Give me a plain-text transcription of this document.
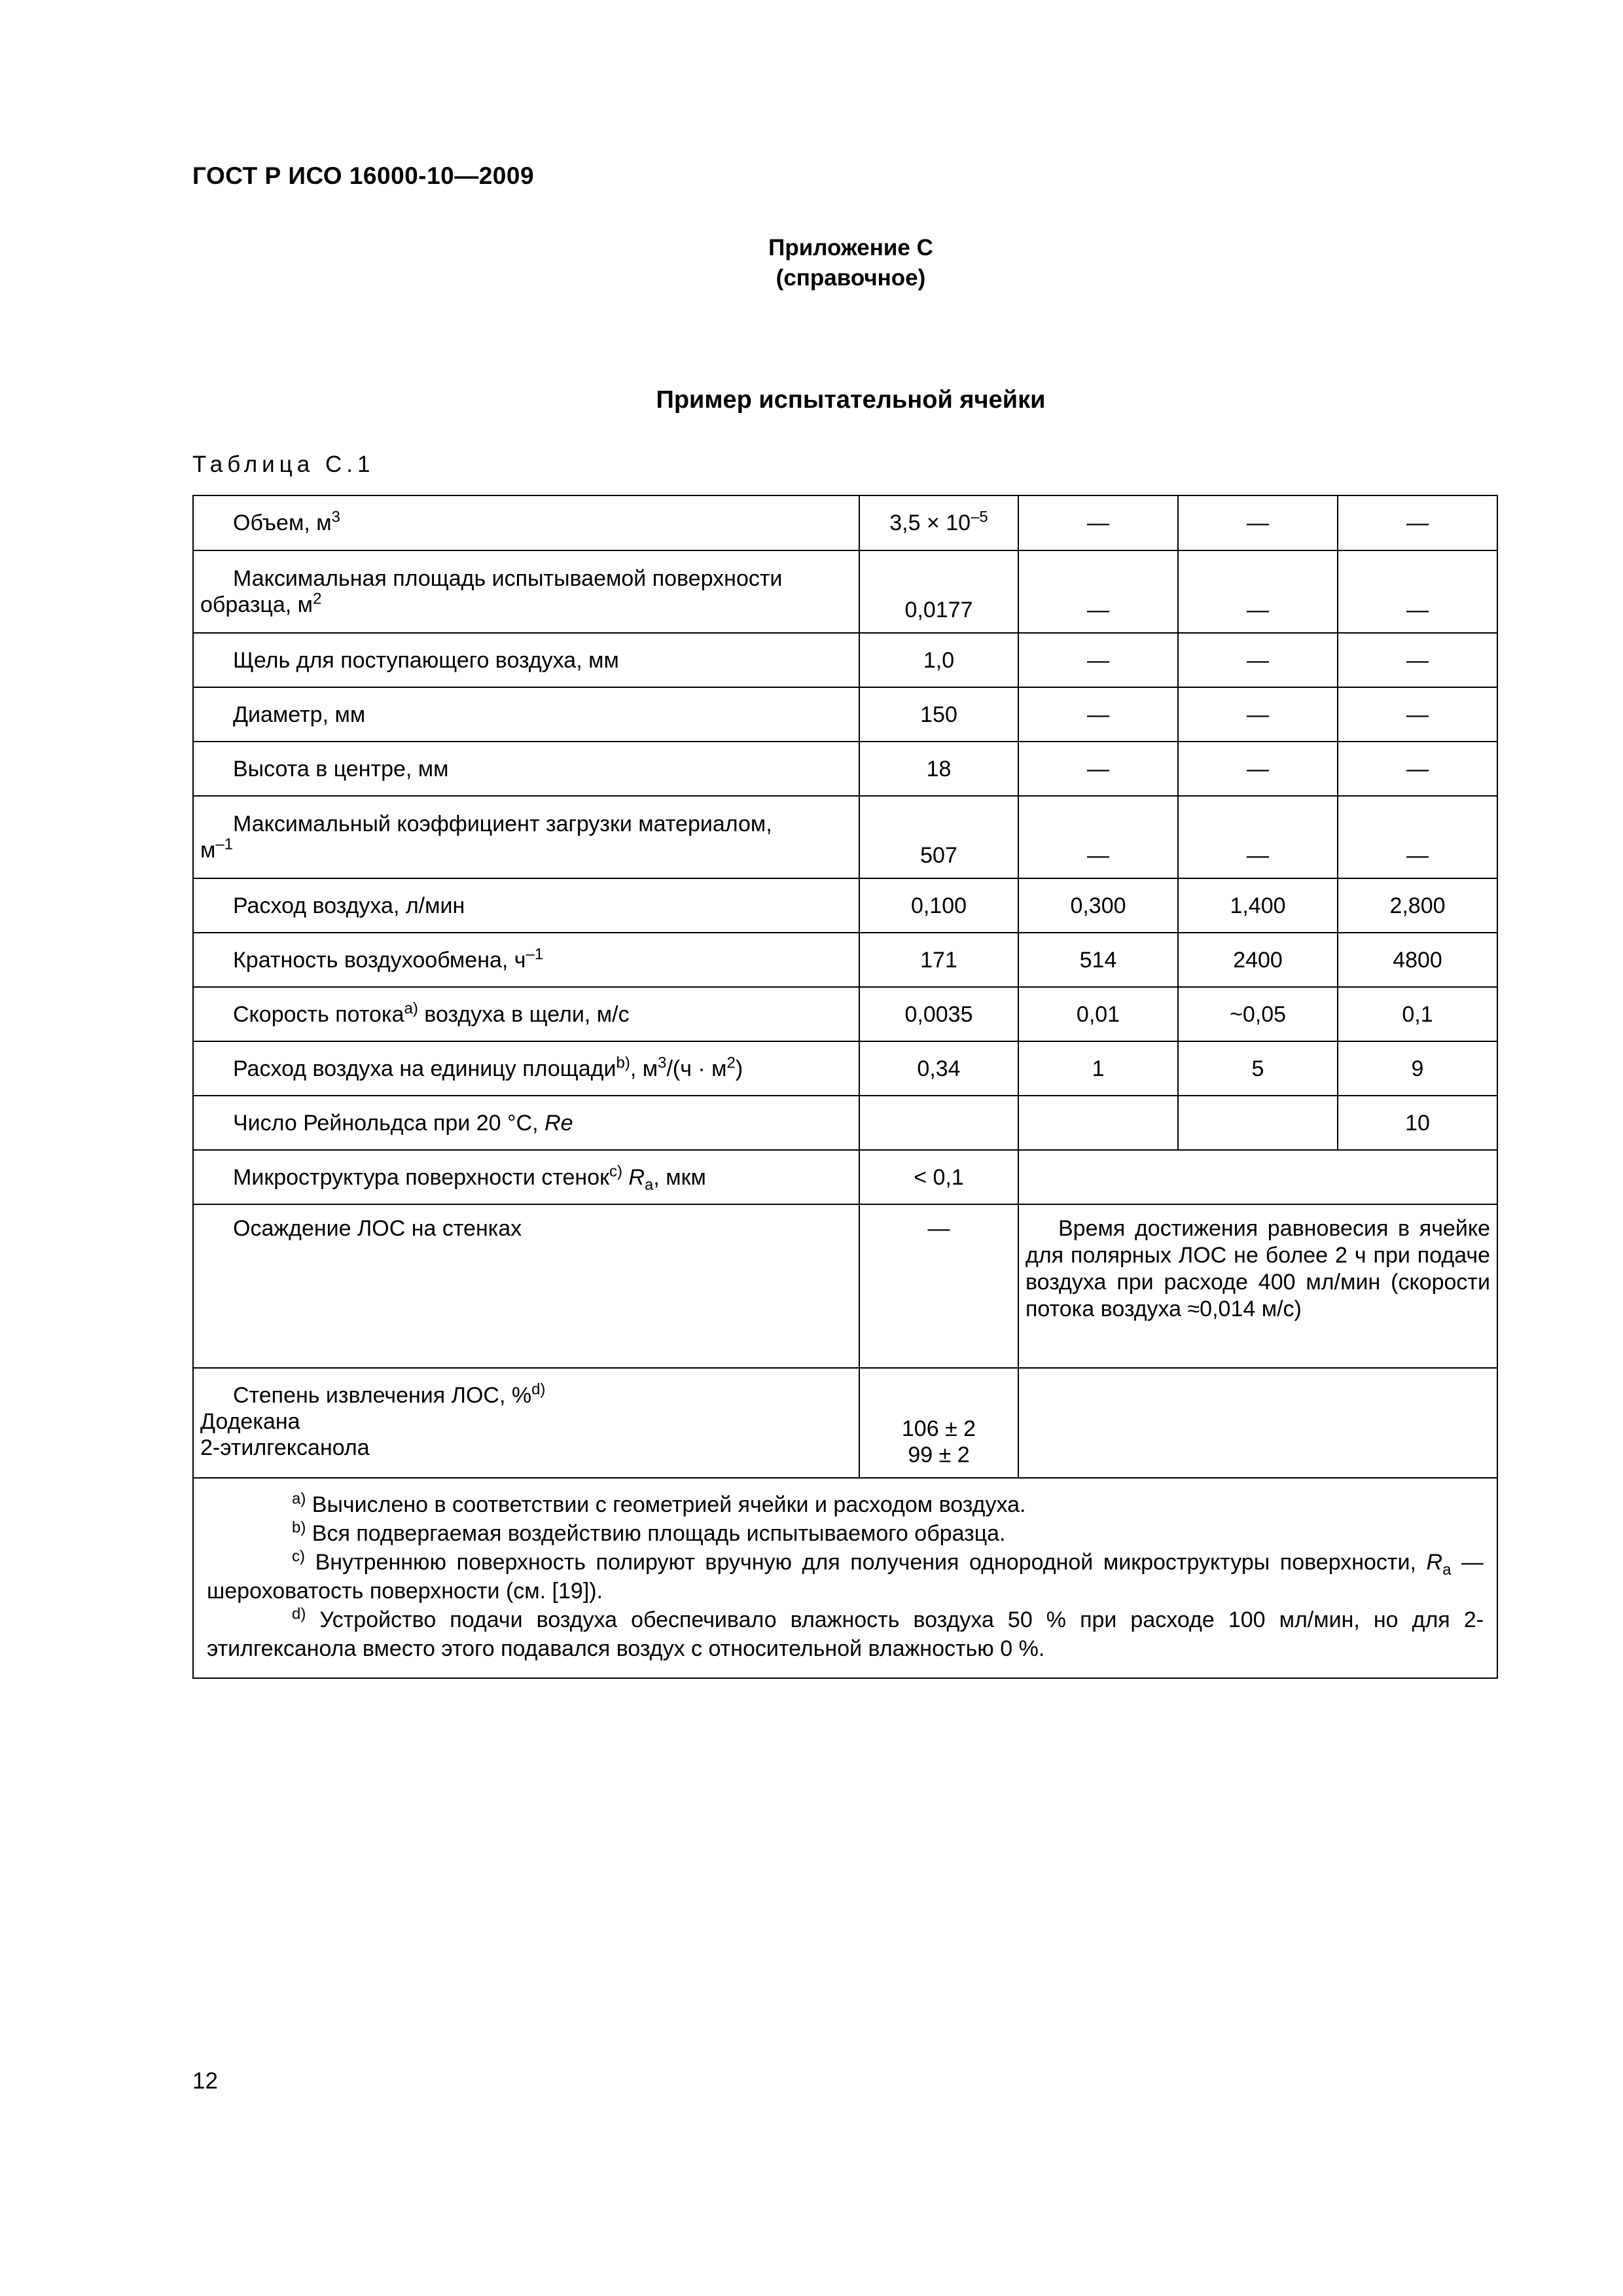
ГОСТ Р ИСО 16000-10—2009
Приложение С
(справочное)
Пример испытательной ячейки
Таблица С.1
Объем, $м^3$	$3,5 \times 10^{-5}$	—	—	—

Максимальная площадь испытываемой поверхности
образца, $м^2$	0,0177	—	—	—

Щель для поступающего воздуха, мм	1,0	—	—	—

Диаметр, мм	150	—	—	—

Высота в центре, мм	18	—	—	—

Максимальный коэффициент загрузки материалом,
$м^{-1}$	507	—	—	—

Расход воздуха, л/мин	0,100	0,300	1,400	2,800

Кратность воздухообмена, $ч^{-1}$	171	514	2400	4800

Скорость потока$^{а)}$ воздуха в щели, м/с	0,0035	0,01	~0,05	0,1

Расход воздуха на единицу площади$^{b)}$, $м^3/(ч \cdot м^2)$	0,34	1	5	9

Число Рейнольдса при 20 °С, Re				10

Микроструктура поверхности стенок$^{c)}$ $R_a$, мкм	< 0,1			

Осаждение ЛОС на стенках	—	Время достижения равновесия в ячейке для полярных ЛОС не более 2 ч при подаче воздуха при расходе 400 мл/мин (скорости потока воздуха ≈0,014 м/с)		

Степень извлечения ЛОС, %$^{d)}$
Додекана
2-этилгексанола	106 ± 2
99 ± 2			

$^{а)}$ Вычислено в соответствии с геометрией ячейки и расходом воздуха.
$^{b)}$ Вся подвергаемая воздействию площадь испытываемого образца.
$^{c)}$ Внутреннюю поверхность полируют вручную для получения однородной микроструктуры поверхности, $R_a$ — шероховатость поверхности (см. [19]).
$^{d)}$ Устройство подачи воздуха обеспечивало влажность воздуха 50 % при расходе 100 мл/мин, но для 2-этилгексанола вместо этого подавался воздух с относительной влажностью 0 %.				
12
